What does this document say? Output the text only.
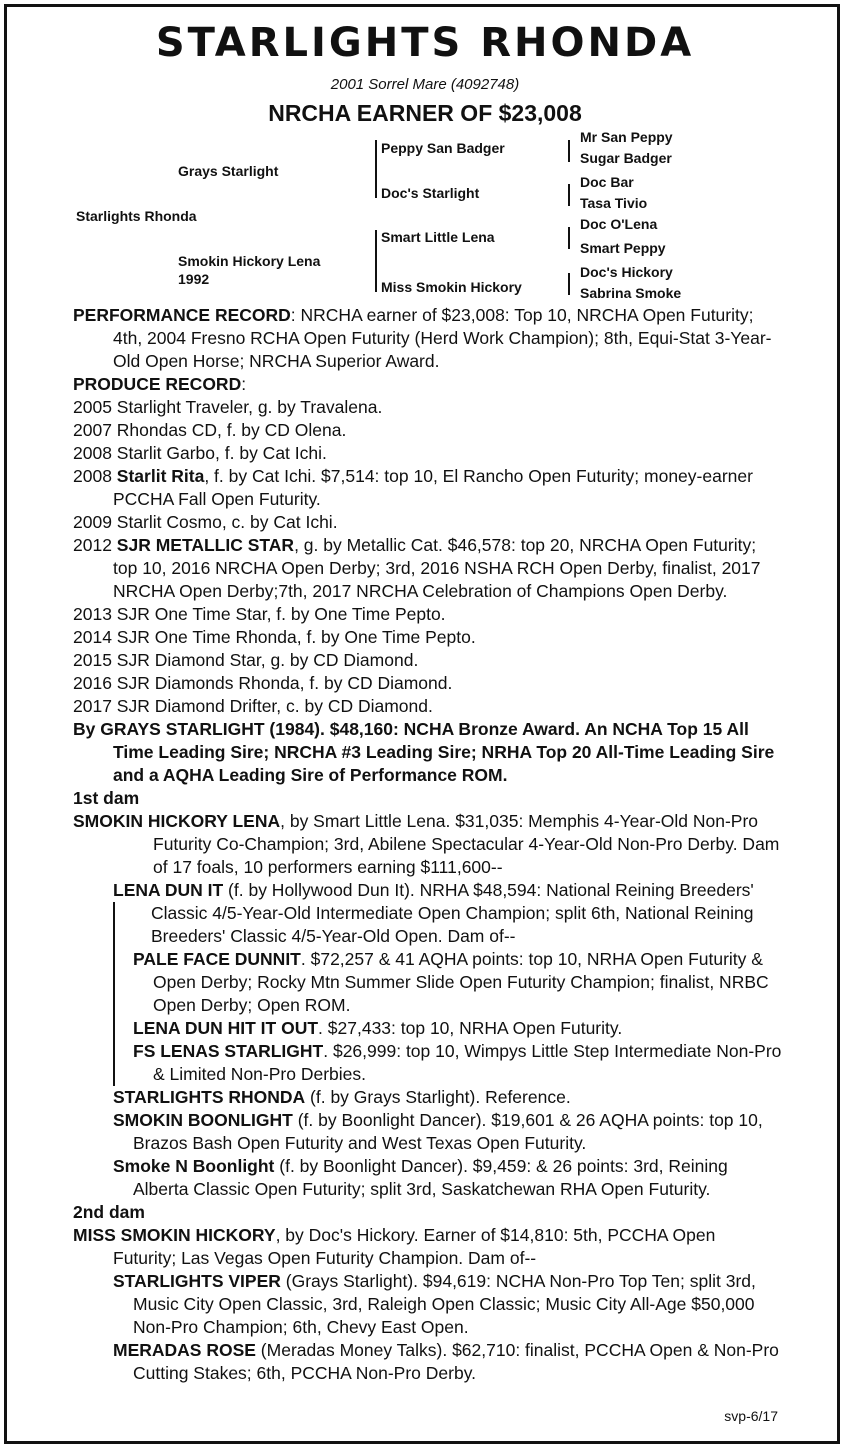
STARLIGHTS RHONDA
2001 Sorrel Mare (4092748)
NRCHA EARNER OF $23,008
Starlights Rhonda
Grays Starlight
Smokin Hickory Lena
1992
Peppy San Badger
Doc's Starlight
Smart Little Lena
Miss Smokin Hickory
Mr San Peppy
Sugar Badger
Doc Bar
Tasa Tivio
Doc O'Lena
Smart Peppy
Doc's Hickory
Sabrina Smoke

PERFORMANCE RECORD: NRCHA earner of $23,008: Top 10, NRCHA Open Futurity; 4th, 2004 Fresno RCHA Open Futurity (Herd Work Champion); 8th, Equi-Stat 3-Year-Old Open Horse; NRCHA Superior Award.

PRODUCE RECORD:

2005 Starlight Traveler, g. by Travalena.

2007 Rhondas CD, f. by CD Olena.

2008 Starlit Garbo, f. by Cat Ichi.

2008 Starlit Rita, f. by Cat Ichi. $7,514: top 10, El Rancho Open Futurity; money-earner PCCHA Fall Open Futurity.

2009 Starlit Cosmo, c. by Cat Ichi.

2012 SJR METALLIC STAR, g. by Metallic Cat. $46,578: top 20, NRCHA Open Futurity; top 10, 2016 NRCHA Open Derby; 3rd, 2016 NSHA RCH Open Derby, finalist, 2017 NRCHA Open Derby;7th, 2017 NRCHA Celebration of Champions Open Derby.

2013 SJR One Time Star, f. by One Time Pepto.

2014 SJR One Time Rhonda, f. by One Time Pepto.

2015 SJR Diamond Star, g. by CD Diamond.

2016 SJR Diamonds Rhonda, f. by CD Diamond.

2017 SJR Diamond Drifter, c. by CD Diamond.

By GRAYS STARLIGHT (1984). $48,160: NCHA Bronze Award. An NCHA Top 15 All Time Leading Sire; NRCHA #3 Leading Sire; NRHA Top 20 All-Time Leading Sire and a AQHA Leading Sire of Performance ROM.

1st dam

SMOKIN HICKORY LENA, by Smart Little Lena. $31,035: Memphis 4-Year-Old Non-Pro Futurity Co-Champion; 3rd, Abilene Spectacular 4-Year-Old Non-Pro Derby. Dam of 17 foals, 10 performers earning $111,600--

LENA DUN IT (f. by Hollywood Dun It). NRHA $48,594: National Reining Breeders' Classic 4/5-Year-Old Intermediate Open Champion; split 6th, National Reining Breeders' Classic 4/5-Year-Old Open. Dam of--

PALE FACE DUNNIT. $72,257 & 41 AQHA points: top 10, NRHA Open Futurity & Open Derby; Rocky Mtn Summer Slide Open Futurity Champion; finalist, NRBC Open Derby; Open ROM.

LENA DUN HIT IT OUT. $27,433: top 10, NRHA Open Futurity.

FS LENAS STARLIGHT. $26,999: top 10, Wimpys Little Step Intermediate Non-Pro & Limited Non-Pro Derbies.

STARLIGHTS RHONDA (f. by Grays Starlight). Reference.

SMOKIN BOONLIGHT (f. by Boonlight Dancer). $19,601 & 26 AQHA points: top 10, Brazos Bash Open Futurity and West Texas Open Futurity.

Smoke N Boonlight (f. by Boonlight Dancer). $9,459: & 26 points: 3rd, Reining Alberta Classic Open Futurity; split 3rd, Saskatchewan RHA Open Futurity.

2nd dam

MISS SMOKIN HICKORY, by Doc's Hickory. Earner of $14,810: 5th, PCCHA Open Futurity; Las Vegas Open Futurity Champion. Dam of--

STARLIGHTS VIPER (Grays Starlight). $94,619: NCHA Non-Pro Top Ten; split 3rd, Music City Open Classic, 3rd, Raleigh Open Classic; Music City All-Age $50,000 Non-Pro Champion; 6th, Chevy East Open.

MERADAS ROSE (Meradas Money Talks). $62,710: finalist, PCCHA Open & Non-Pro Cutting Stakes; 6th, PCCHA Non-Pro Derby.

svp-6/17
